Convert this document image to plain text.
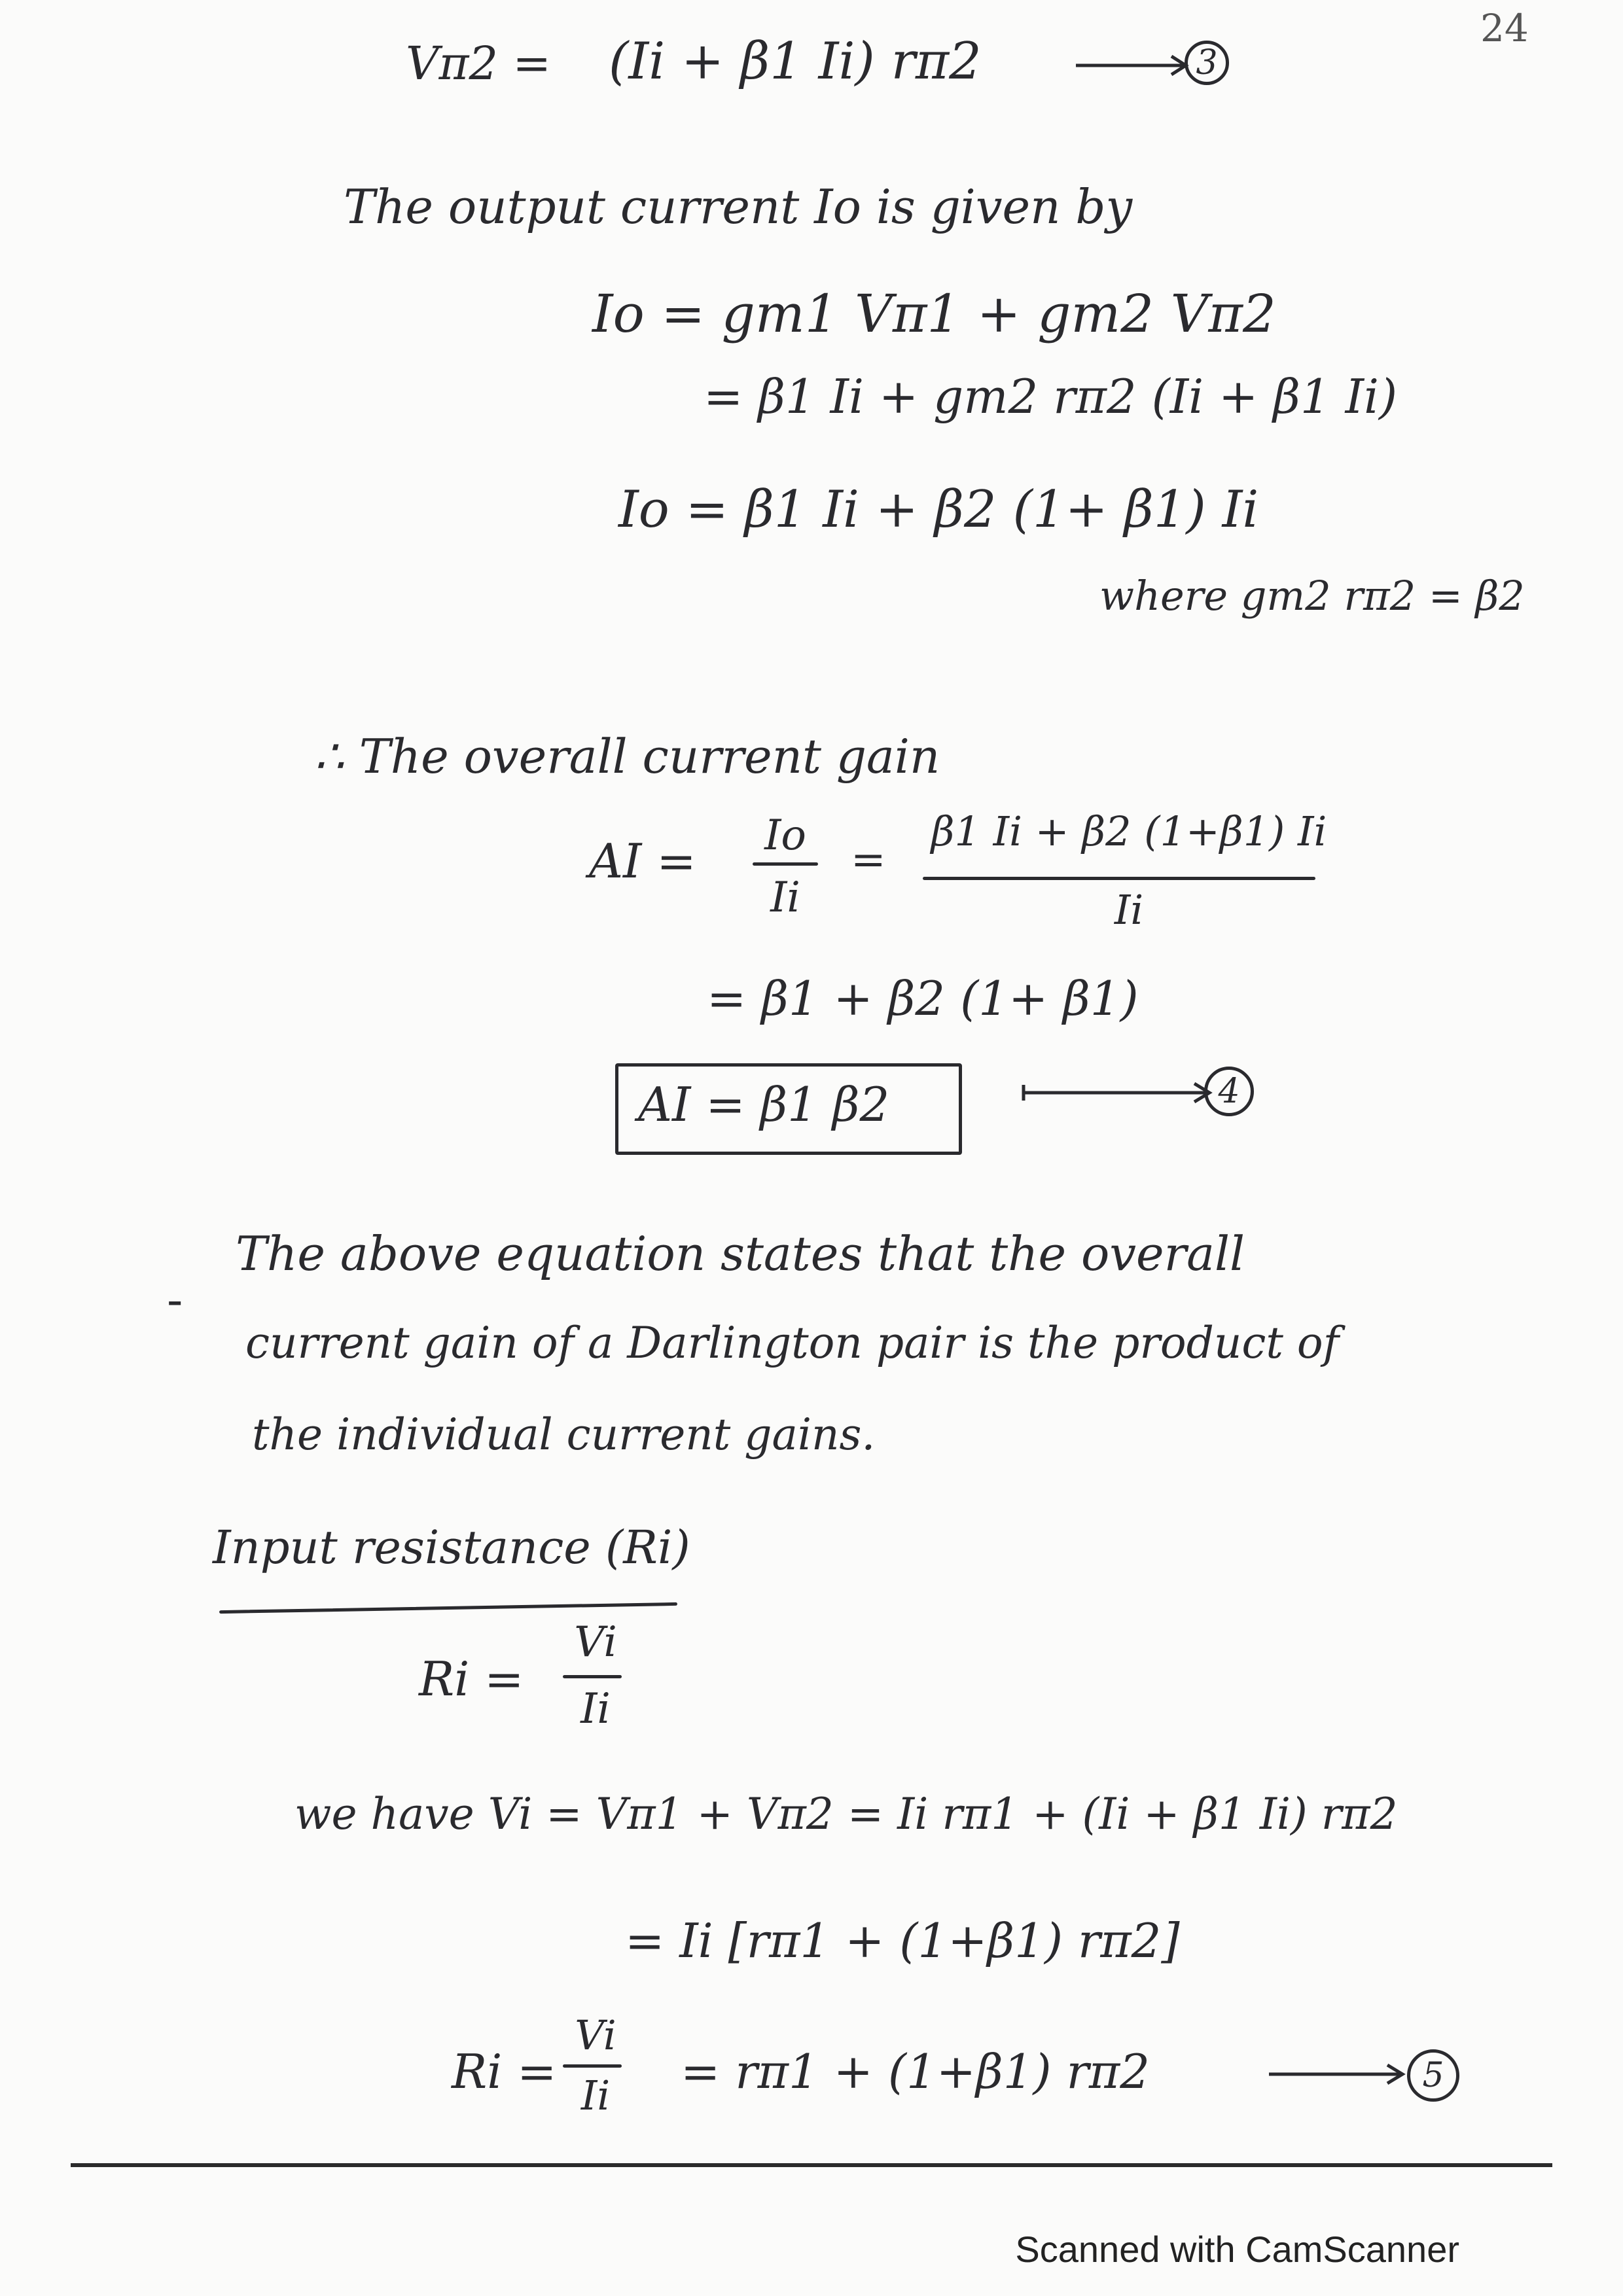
24
Vπ2 = (Ii + β1 Ii) rπ2	3
The output current Io is given by
Io = gm1 Vπ1 + gm2 Vπ2
= β1 Ii + gm2 rπ2 (Ii + β1 Ii)
Io = β1 Ii + β2 (1+ β1) Ii
where gm2 rπ2 = β2
∴ The overall current gain
AI =	Io
Ii
=
β1 Ii + β2 (1+β1) Ii
Ii
= β1 + β2 (1+ β1)
AI = β1 β2	4
-
The above equation states that the overall
current gain of a Darlington pair is the product of
the individual current gains.
Input resistance (Ri)
Ri =
Vi
Ii
we have Vi = Vπ1 + Vπ2 = Ii rπ1 + (Ii + β1 Ii) rπ2
= Ii [rπ1 + (1+β1) rπ2]
Ri =
Vi
Ii	= rπ1 + (1+β1) rπ2	5
Scanned with CamScanner
